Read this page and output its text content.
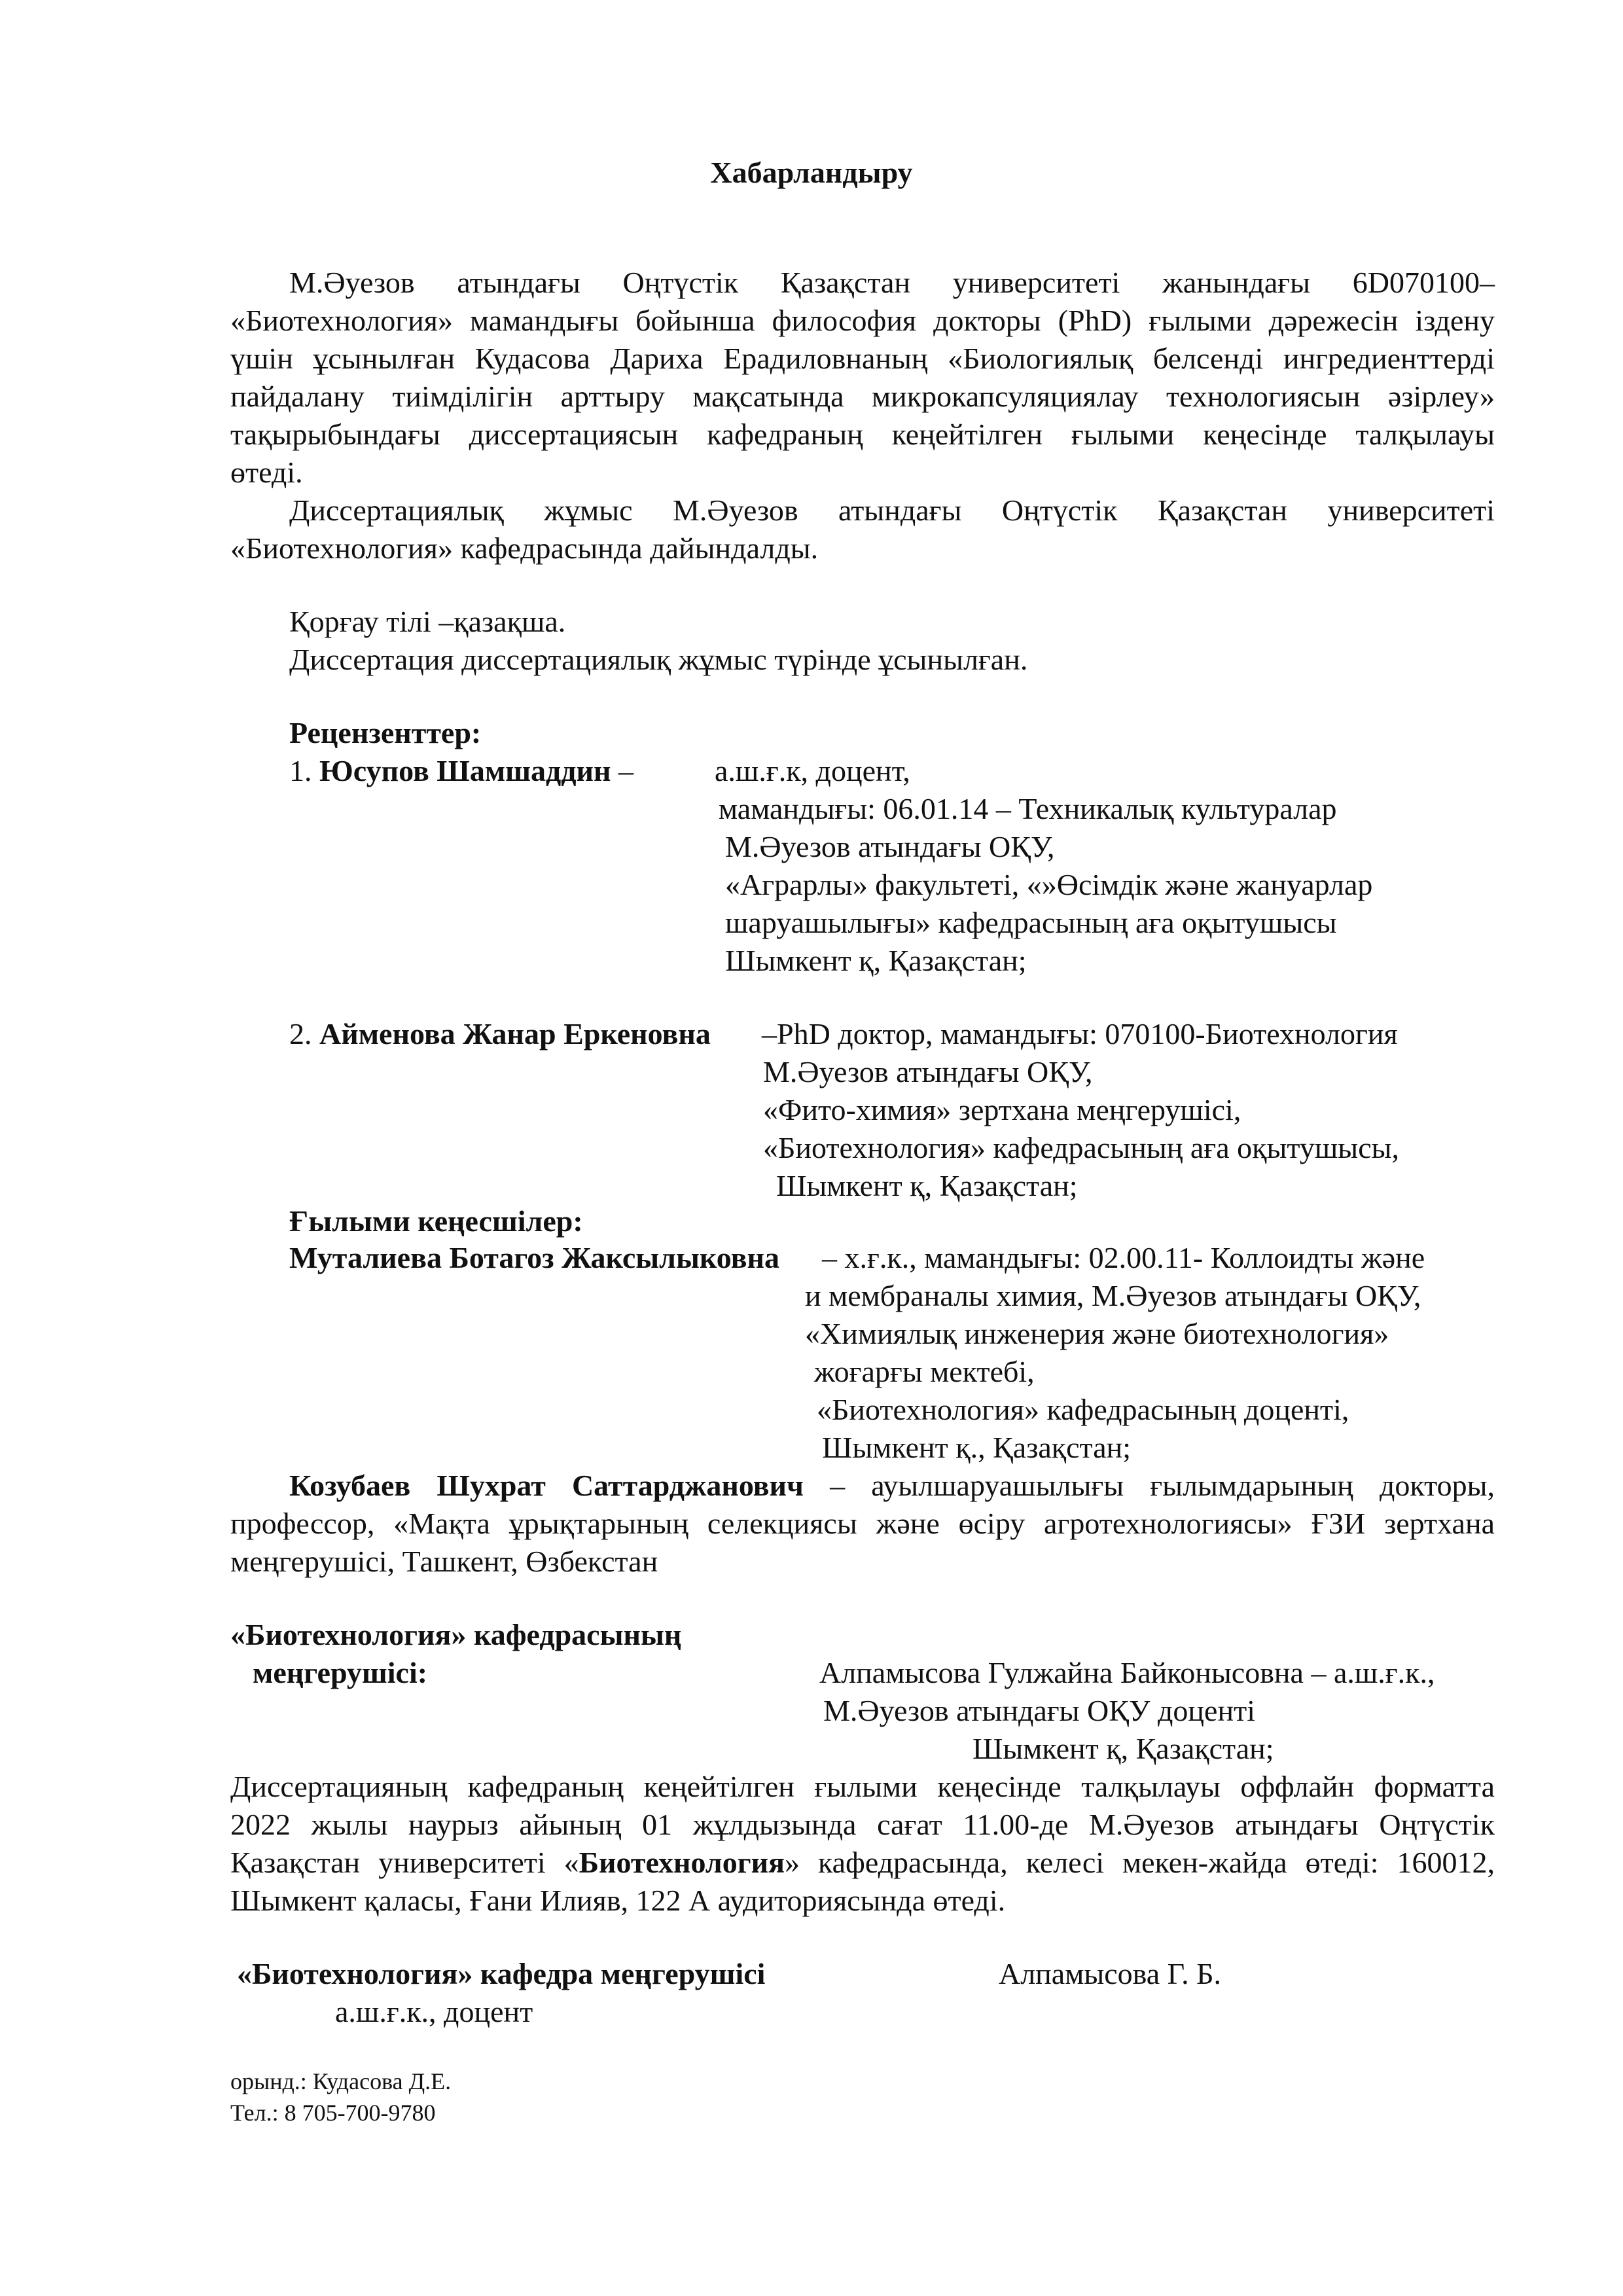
Хабарландыру
М.Әуезов атындағы Оңтүстік Қазақстан университеті жанындағы 6D070100–
«Биотехнология» мамандығы бойынша философия докторы (PhD) ғылыми дәрежесін іздену
үшін ұсынылған Кудасова Дариха Ерадиловнаның «Биологиялық белсенді ингредиенттерді
пайдалану тиімділігін арттыру мақсатында микрокапсуляциялау технологиясын әзірлеу»
тақырыбындағы диссертациясын кафедраның кеңейтілген ғылыми кеңесінде талқылауы
өтеді.
Диссертациялық жұмыс М.Әуезов атындағы Оңтүстік Қазақстан университеті
«Биотехнология» кафедрасында дайындалды.
Қорғау тілі –қазақша.
Диссертация диссертациялық жұмыс түрінде ұсынылған.
Рецензенттер:
1. Юсупов Шамшаддин –	а.ш.ғ.к, доцент,
мамандығы: 06.01.14 – Техникалық культуралар
М.Әуезов атындағы ОҚУ,
«Аграрлы» факультеті, «»Өсімдік және жануарлар
шаруашылығы» кафедрасының аға оқытушысы
Шымкент қ, Қазақстан;
2. Айменова Жанар Еркеновна –PhD доктор, мамандығы: 070100-Биотехнология
М.Әуезов атындағы ОҚУ,
«Фито-химия» зертхана меңгерушісі,
«Биотехнология» кафедрасының аға оқытушысы,
Шымкент қ, Қазақстан;
Ғылыми кеңесшілер:
Муталиева Ботагоз Жаксылыковна – х.ғ.к., мамандығы: 02.00.11- Коллоидты және
и мембраналы химия, М.Әуезов атындағы ОҚУ,
«Химиялық инженерия және биотехнология»
жоғарғы мектебі,
«Биотехнология» кафедрасының доценті,
Шымкент қ., Қазақстан;
Козубаев Шухрат Саттарджанович – ауылшаруашылығы ғылымдарының докторы,
профессор, «Мақта ұрықтарының селекциясы және өсіру агротехнологиясы» ҒЗИ зертхана
меңгерушісі, Ташкент, Өзбекстан
«Биотехнология» кафедрасының
меңгерушісі:	Алпамысова Гулжайна Байконысовна – а.ш.ғ.к.,
М.Әуезов атындағы ОҚУ доценті
Шымкент қ, Қазақстан;
Диссертацияның кафедраның кеңейтілген ғылыми кеңесінде талқылауы оффлайн форматта
2022 жылы наурыз айының 01 жұлдызында сағат 11.00-де М.Әуезов атындағы Оңтүстік
Қазақстан университеті «Биотехнология» кафедрасында, келесі мекен-жайда өтеді: 160012,
Шымкент қаласы, Ғани Илияв, 122 А аудиториясында өтеді.
«Биотехнология» кафедра меңгерушісі	Алпамысова Г. Б.
а.ш.ғ.к., доцент
орынд.: Кудасова Д.Е.
Тел.: 8 705-700-9780
